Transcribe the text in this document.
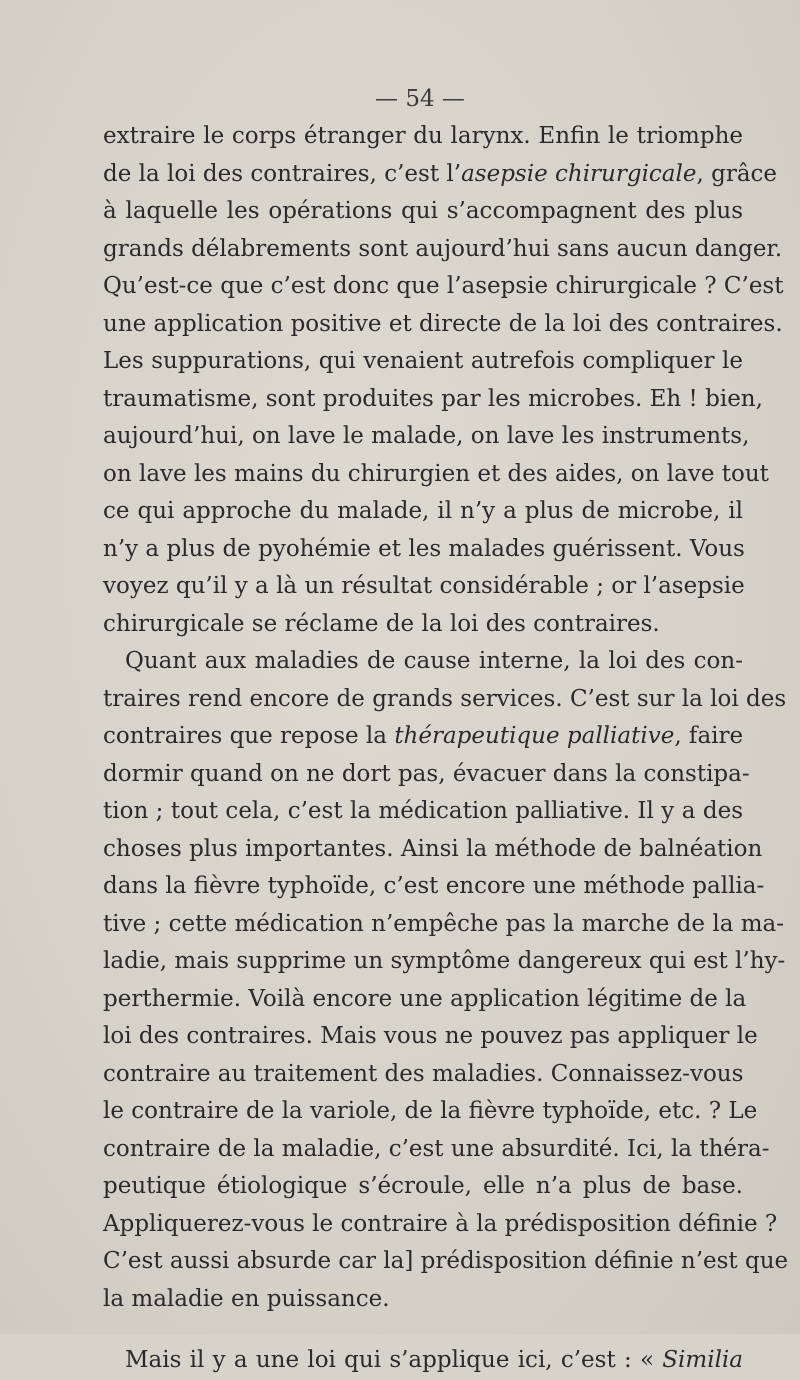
— 54 —
extraire le corps étranger du larynx. Enfin le triomphe
de la loi des contraires, c’est l’asepsie chirurgicale, grâce
à laquelle les opérations qui s’accompagnent des plus
grands délabrements sont aujourd’hui sans aucun danger.
Qu’est-ce que c’est donc que l’asepsie chirurgicale ? C’est
une application positive et directe de la loi des contraires.
Les suppurations, qui venaient autrefois compliquer le
traumatisme, sont produites par les microbes. Eh ! bien,
aujourd’hui, on lave le malade, on lave les instruments,
on lave les mains du chirurgien et des aides, on lave tout
ce qui approche du malade, il n’y a plus de microbe, il
n’y a plus de pyohémie et les malades guérissent. Vous
voyez qu’il y a là un résultat considérable ; or l’asepsie
chirurgicale se réclame de la loi des contraires.
Quant aux maladies de cause interne, la loi des con-
traires rend encore de grands services. C’est sur la loi des
contraires que repose la thérapeutique palliative, faire
dormir quand on ne dort pas, évacuer dans la constipa-
tion ; tout cela, c’est la médication palliative. Il y a des
choses plus importantes. Ainsi la méthode de balnéation
dans la fièvre typhoïde, c’est encore une méthode pallia-
tive ; cette médication n’empêche pas la marche de la ma-
ladie, mais supprime un symptôme dangereux qui est l’hy-
perthermie. Voilà encore une application légitime de la
loi des contraires. Mais vous ne pouvez pas appliquer le
contraire au traitement des maladies. Connaissez-vous
le contraire de la variole, de la fièvre typhoïde, etc. ? Le
contraire de la maladie, c’est une absurdité. Ici, la théra-
peutique étiologique s’écroule, elle n’a plus de base.
Appliquerez-vous le contraire à la prédisposition définie ?
C’est aussi absurde car la] prédisposition définie n’est que
la maladie en puissance.
Mais il y a une loi qui s’applique ici, c’est : « Similia
